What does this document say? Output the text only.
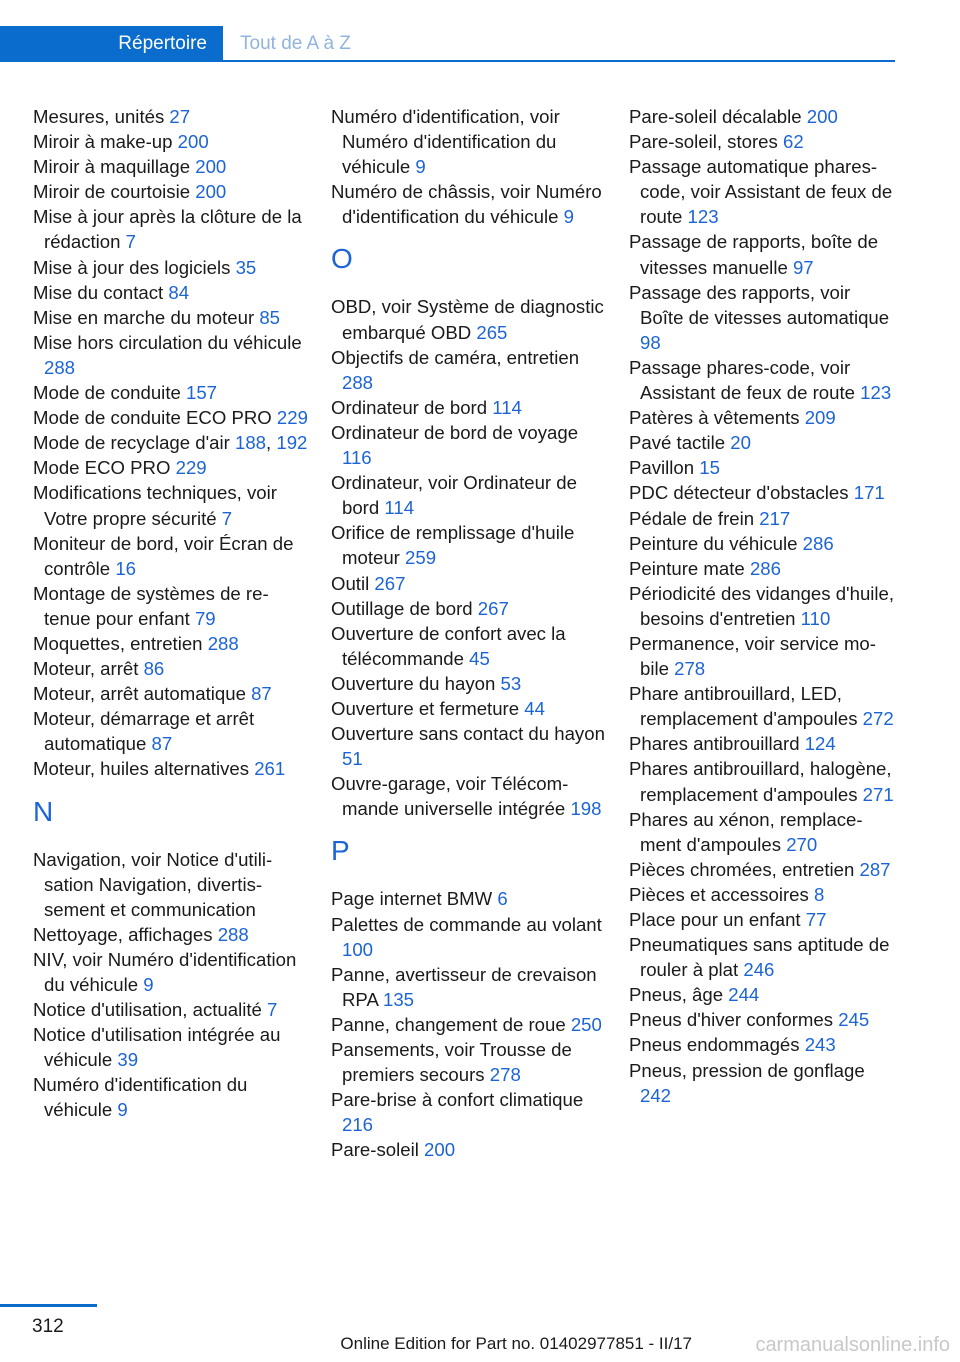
Répertoire	Tout de A à Z
Mesures, unités 27
Miroir à make-up 200
Miroir à maquillage 200
Miroir de courtoisie 200
Mise à jour après la clôture de la rédaction 7
Mise à jour des logiciels 35
Mise du contact 84
Mise en marche du moteur 85
Mise hors circulation du véhicule 288
Mode de conduite 157
Mode de conduite ECO PRO 229
Mode de recyclage d'air 188, 192
Mode ECO PRO 229
Modifications techniques, voir Votre propre sécurité 7
Moniteur de bord, voir Écran de contrôle 16
Montage de systèmes de retenue pour enfant 79
Moquettes, entretien 288
Moteur, arrêt 86
Moteur, arrêt automatique 87
Moteur, démarrage et arrêt automatique 87
Moteur, huiles alternatives 261
N
Navigation, voir Notice d'utilisation Navigation, divertissement et communication
Nettoyage, affichages 288
NIV, voir Numéro d'identification du véhicule 9
Notice d'utilisation, actualité 7
Notice d'utilisation intégrée au véhicule 39
Numéro d'identification du véhicule 9
Numéro d'identification, voir Numéro d'identification du véhicule 9
Numéro de châssis, voir Numéro d'identification du véhicule 9
O
OBD, voir Système de diagnostic embarqué OBD 265
Objectifs de caméra, entretien 288
Ordinateur de bord 114
Ordinateur de bord de voyage 116
Ordinateur, voir Ordinateur de bord 114
Orifice de remplissage d'huile moteur 259
Outil 267
Outillage de bord 267
Ouverture de confort avec la télécommande 45
Ouverture du hayon 53
Ouverture et fermeture 44
Ouverture sans contact du hayon 51
Ouvre-garage, voir Télécommande universelle intégrée 198
P
Page internet BMW 6
Palettes de commande au volant 100
Panne, avertisseur de crevaison RPA 135
Panne, changement de roue 250
Pansements, voir Trousse de premiers secours 278
Pare-brise à confort climatique 216
Pare-soleil 200
Pare-soleil décalable 200
Pare-soleil, stores 62
Passage automatique phares-code, voir Assistant de feux de route 123
Passage de rapports, boîte de vitesses manuelle 97
Passage des rapports, voir Boîte de vitesses automatique 98
Passage phares-code, voir Assistant de feux de route 123
Patères à vêtements 209
Pavé tactile 20
Pavillon 15
PDC détecteur d'obstacles 171
Pédale de frein 217
Peinture du véhicule 286
Peinture mate 286
Périodicité des vidanges d'huile, besoins d'entretien 110
Permanence, voir service mobile 278
Phare antibrouillard, LED, remplacement d'ampoules 272
Phares antibrouillard 124
Phares antibrouillard, halogène, remplacement d'ampoules 271
Phares au xénon, remplacement d'ampoules 270
Pièces chromées, entretien 287
Pièces et accessoires 8
Place pour un enfant 77
Pneumatiques sans aptitude de rouler à plat 246
Pneus, âge 244
Pneus d'hiver conformes 245
Pneus endommagés 243
Pneus, pression de gonflage 242
312
Online Edition for Part no. 01402977851 - II/17	carmanualsonline.info
